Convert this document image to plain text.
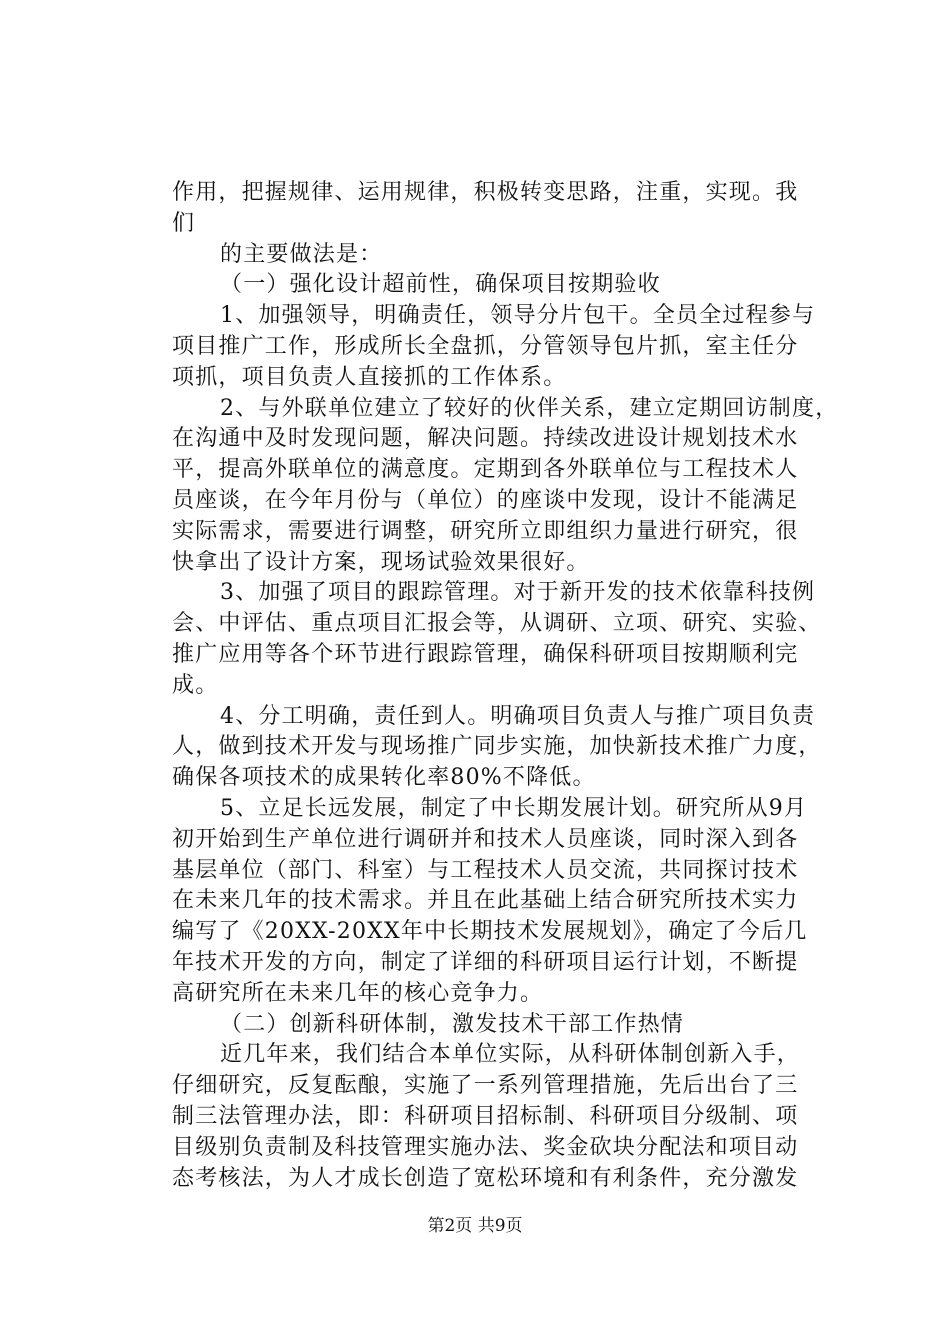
作用，把握规律、运用规律，积极转变思路，注重，实现。我
们
的主要做法是：
（一）强化设计超前性，确保项目按期验收
1、加强领导，明确责任，领导分片包干。全员全过程参与
项目推广工作，形成所长全盘抓，分管领导包片抓，室主任分
项抓，项目负责人直接抓的工作体系。
2、与外联单位建立了较好的伙伴关系，建立定期回访制度，
在沟通中及时发现问题，解决问题。持续改进设计规划技术水
平，提高外联单位的满意度。定期到各外联单位与工程技术人
员座谈，在今年月份与（单位）的座谈中发现，设计不能满足
实际需求，需要进行调整，研究所立即组织力量进行研究，很
快拿出了设计方案，现场试验效果很好。
3、加强了项目的跟踪管理。对于新开发的技术依靠科技例
会、中评估、重点项目汇报会等，从调研、立项、研究、实验、
推广应用等各个环节进行跟踪管理，确保科研项目按期顺利完
成。
4、分工明确，责任到人。明确项目负责人与推广项目负责
人，做到技术开发与现场推广同步实施，加快新技术推广力度，
确保各项技术的成果转化率80%不降低。
5、立足长远发展，制定了中长期发展计划。研究所从9月
初开始到生产单位进行调研并和技术人员座谈，同时深入到各
基层单位（部门、科室）与工程技术人员交流，共同探讨技术
在未来几年的技术需求。并且在此基础上结合研究所技术实力
编写了《20XX-20XX年中长期技术发展规划》，确定了今后几
年技术开发的方向，制定了详细的科研项目运行计划，不断提
高研究所在未来几年的核心竞争力。
（二）创新科研体制，激发技术干部工作热情
近几年来，我们结合本单位实际，从科研体制创新入手，
仔细研究，反复酝酿，实施了一系列管理措施，先后出台了三
制三法管理办法，即：科研项目招标制、科研项目分级制、项
目级别负责制及科技管理实施办法、奖金砍块分配法和项目动
态考核法，为人才成长创造了宽松环境和有利条件，充分激发
第2页 共9页
